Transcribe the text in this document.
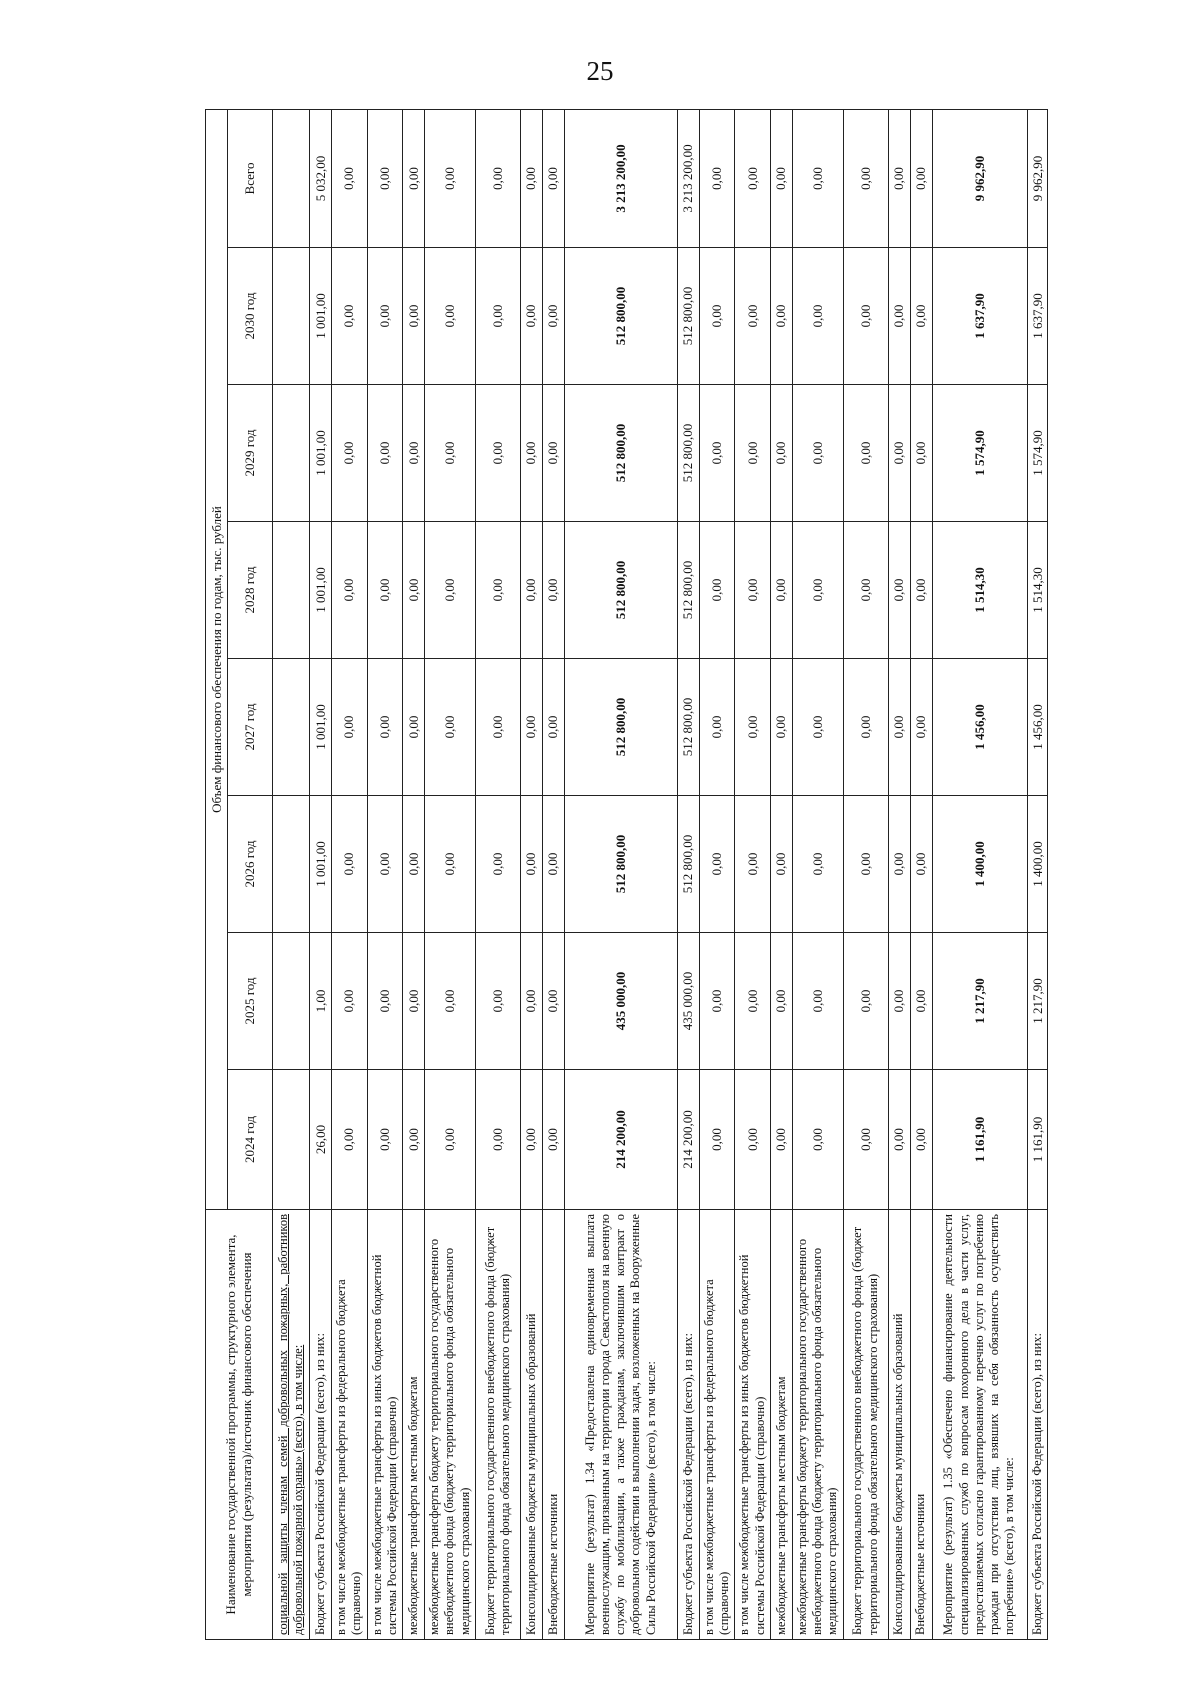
25
Наименование государственной программы, структурного элемента, мероприятия (результата)/источник финансового обеспечения	Объем финансового обеспечения по годам, тыс. рублей							
	2024 год	2025 год	2026 год	2027 год	2028 год	2029 год	2030 год	Всего
социальной защиты членам семей добровольных пожарных, работников добровольной пожарной охраны» (всего), в том числе:								
Бюджет субъекта Российской Федерации (всего), из них:	26,00	1,00	1 001,00	1 001,00	1 001,00	1 001,00	1 001,00	5 032,00
в том числе межбюджетные трансферты из федерального бюджета (справочно)	0,00	0,00	0,00	0,00	0,00	0,00	0,00	0,00
в том числе межбюджетные трансферты из иных бюджетов бюджетной системы Российской Федерации (справочно)	0,00	0,00	0,00	0,00	0,00	0,00	0,00	0,00
межбюджетные трансферты местным бюджетам	0,00	0,00	0,00	0,00	0,00	0,00	0,00	0,00
межбюджетные трансферты бюджету территориального государственного внебюджетного фонда (бюджету территориального фонда обязательного медицинского страхования)	0,00	0,00	0,00	0,00	0,00	0,00	0,00	0,00
Бюджет территориального государственного внебюджетного фонда (бюджет территориального фонда обязательного медицинского страхования)	0,00	0,00	0,00	0,00	0,00	0,00	0,00	0,00
Консолидированные бюджеты муниципальных образований	0,00	0,00	0,00	0,00	0,00	0,00	0,00	0,00
Внебюджетные источники	0,00	0,00	0,00	0,00	0,00	0,00	0,00	0,00
Мероприятие (результат) 1.34 «Предоставлена единовременная выплата военнослужащим, призванным на территории города Севастополя на военную службу по мобилизации, а также гражданам, заключившим контракт о добровольном содействии в выполнении задач, возложенных на Вооруженные Силы Российской Федерации» (всего), в том числе:	214 200,00	435 000,00	512 800,00	512 800,00	512 800,00	512 800,00	512 800,00	3 213 200,00
Бюджет субъекта Российской Федерации (всего), из них:	214 200,00	435 000,00	512 800,00	512 800,00	512 800,00	512 800,00	512 800,00	3 213 200,00
в том числе межбюджетные трансферты из федерального бюджета (справочно)	0,00	0,00	0,00	0,00	0,00	0,00	0,00	0,00
в том числе межбюджетные трансферты из иных бюджетов бюджетной системы Российской Федерации (справочно)	0,00	0,00	0,00	0,00	0,00	0,00	0,00	0,00
межбюджетные трансферты местным бюджетам	0,00	0,00	0,00	0,00	0,00	0,00	0,00	0,00
межбюджетные трансферты бюджету территориального государственного внебюджетного фонда (бюджету территориального фонда обязательного медицинского страхования)	0,00	0,00	0,00	0,00	0,00	0,00	0,00	0,00
Бюджет территориального государственного внебюджетного фонда (бюджет территориального фонда обязательного медицинского страхования)	0,00	0,00	0,00	0,00	0,00	0,00	0,00	0,00
Консолидированные бюджеты муниципальных образований	0,00	0,00	0,00	0,00	0,00	0,00	0,00	0,00
Внебюджетные источники	0,00	0,00	0,00	0,00	0,00	0,00	0,00	0,00
Мероприятие (результат) 1.35 «Обеспечено финансирование деятельности специализированных служб по вопросам похоронного дела в части услуг, предоставляемых согласно гарантированному перечню услуг по погребению граждан при отсутствии лиц, взявших на себя обязанность осуществить погребение» (всего), в том числе:	1 161,90	1 217,90	1 400,00	1 456,00	1 514,30	1 574,90	1 637,90	9 962,90
Бюджет субъекта Российской Федерации (всего), из них:	1 161,90	1 217,90	1 400,00	1 456,00	1 514,30	1 574,90	1 637,90	9 962,90
